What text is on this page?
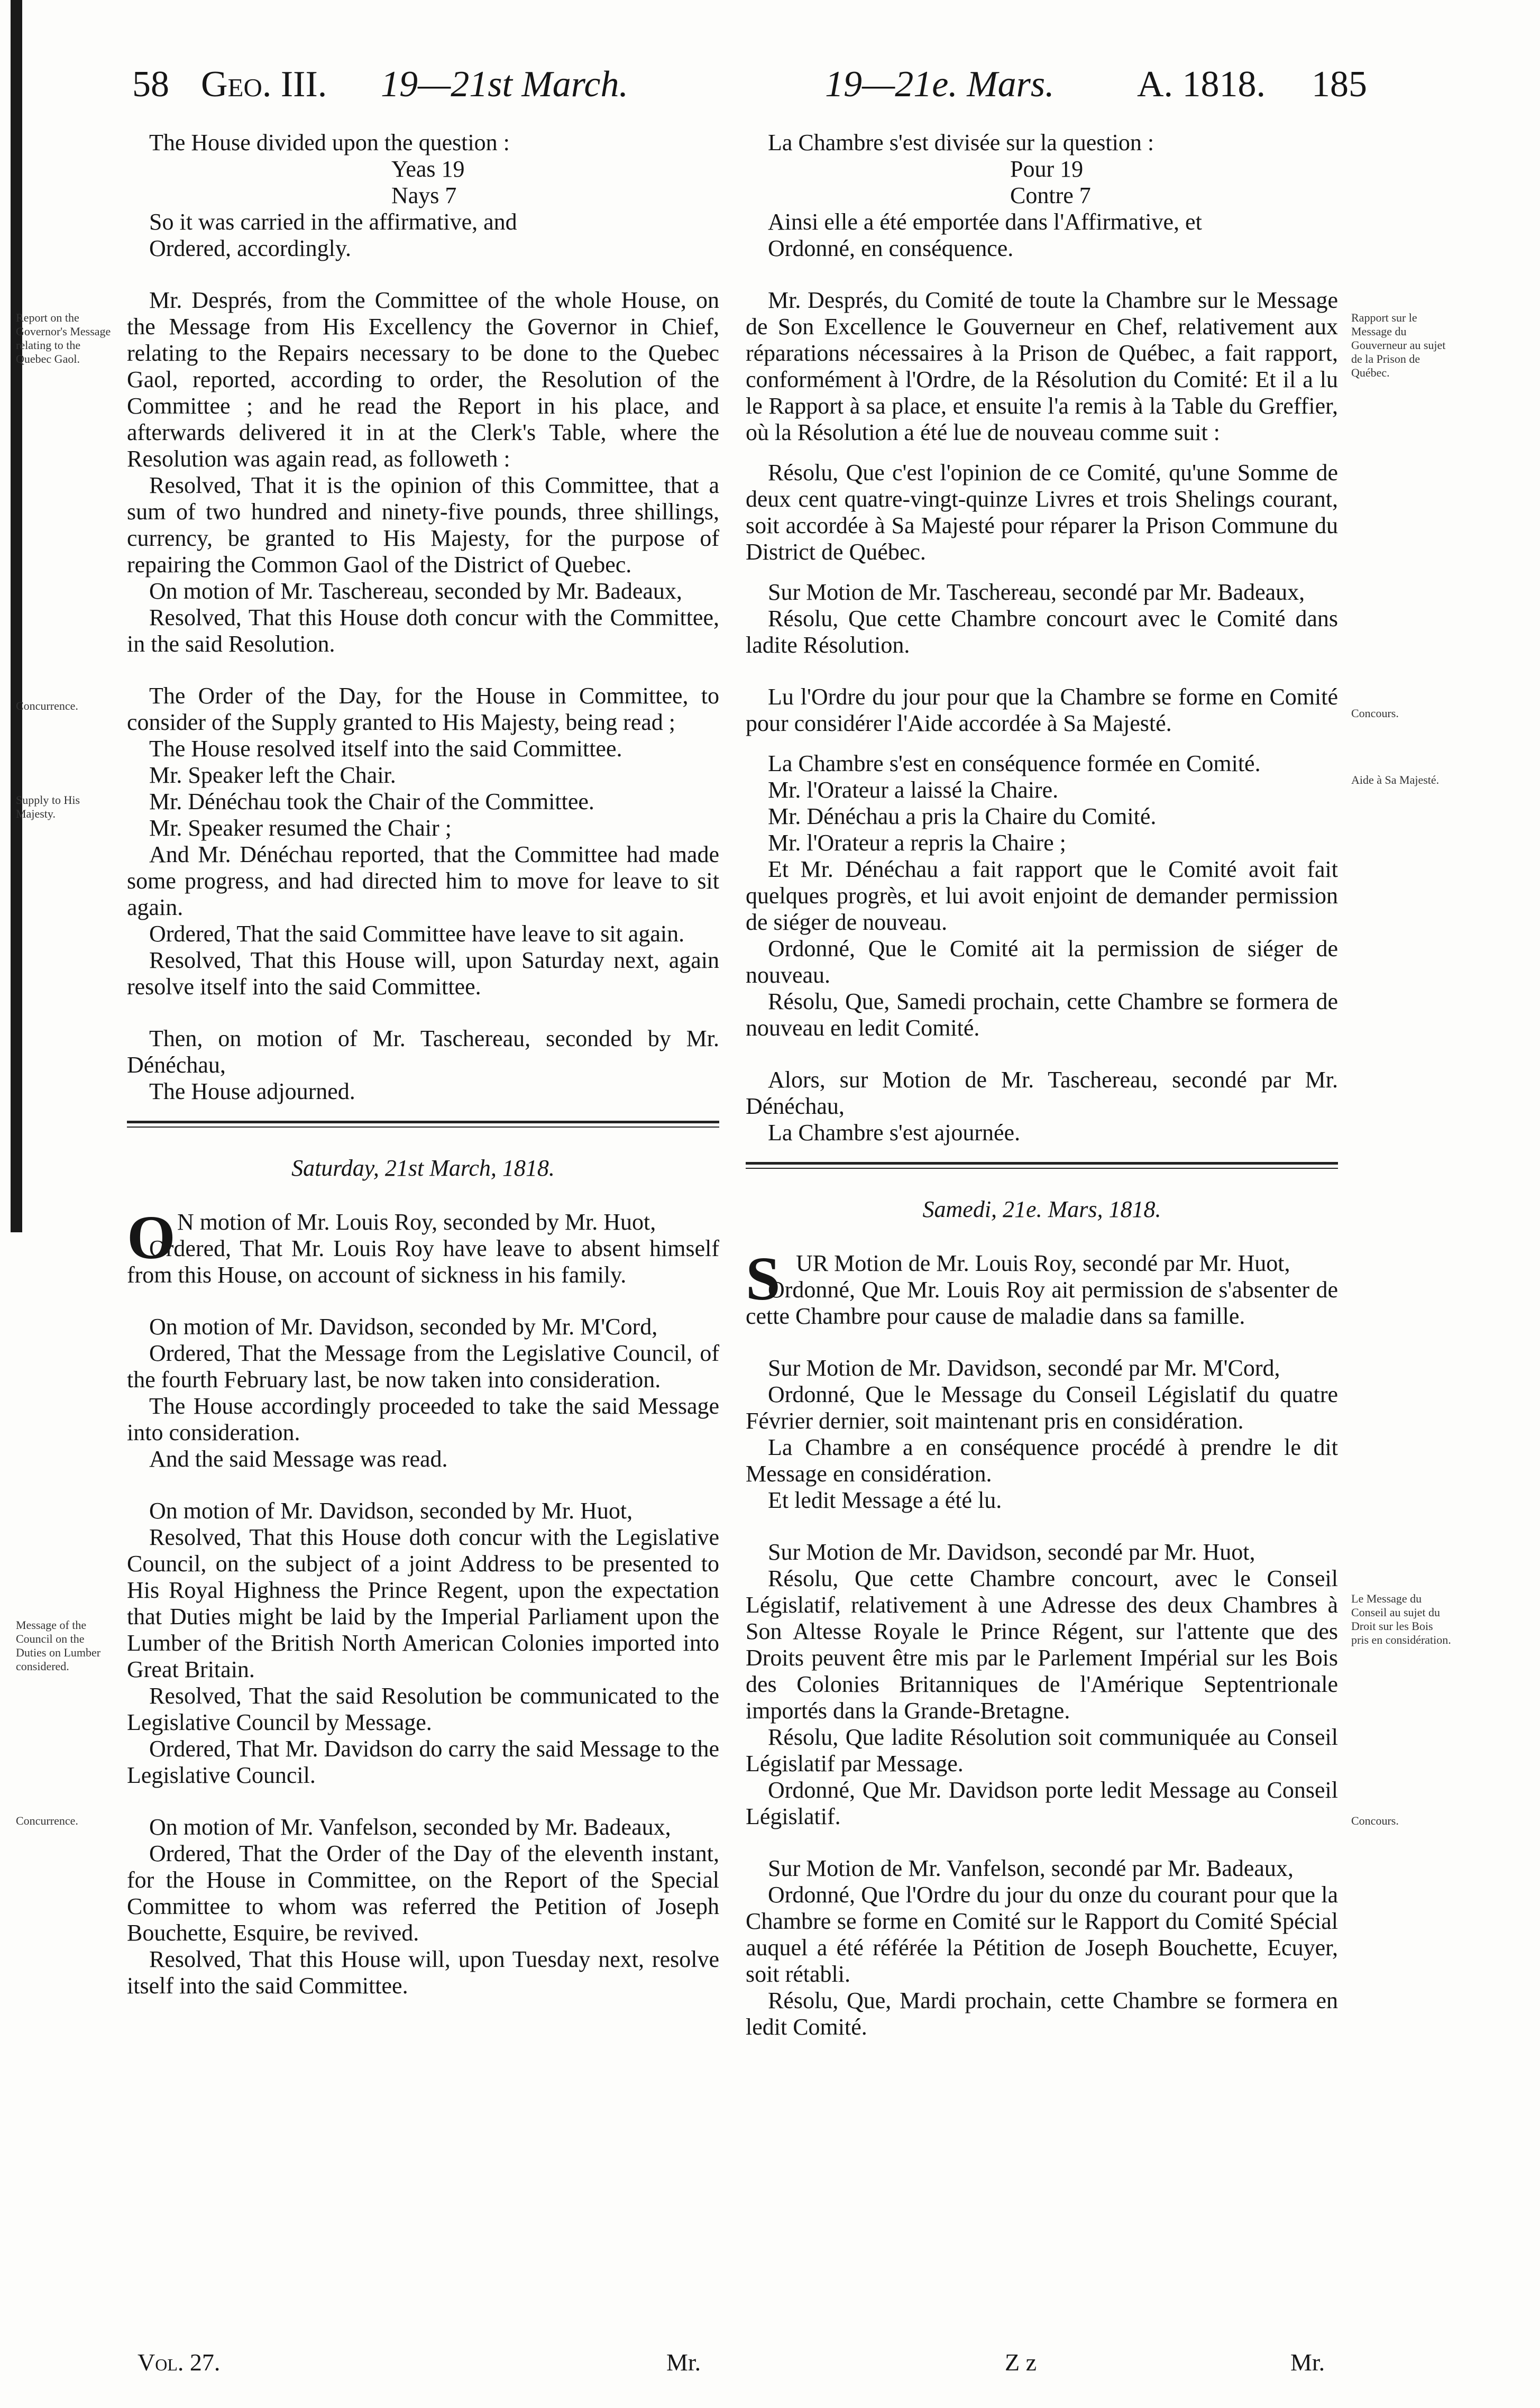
58 Geo. III. 19—21st March.	19—21e. Mars. A. 1818. 185
Report on the Governor's Message relating to the Quebec Gaol.
Concurrence.
Supply to His Majesty.
Message of the Council on the Duties on Lumber considered.
Concurrence.
Rapport sur le Message du Gouverneur au sujet de la Prison de Québec.
Concours.
Aide à Sa Majesté.
Le Message du Conseil au sujet du Droit sur les Bois pris en considération.
Concours.

The House divided upon the question :

Yeas 19

Nays 7

So it was carried in the affirmative, and

Ordered, accordingly.

Mr. Després, from the Committee of the whole House, on the Message from His Excellency the Governor in Chief, relating to the Repairs necessary to be done to the Quebec Gaol, reported, according to order, the Resolution of the Committee ; and he read the Report in his place, and afterwards delivered it in at the Clerk's Table, where the Resolution was again read, as followeth :

Resolved, That it is the opinion of this Committee, that a sum of two hundred and ninety-five pounds, three shillings, currency, be granted to His Majesty, for the purpose of repairing the Common Gaol of the District of Quebec.

On motion of Mr. Taschereau, seconded by Mr. Badeaux,

Resolved, That this House doth concur with the Committee, in the said Resolution.

The Order of the Day, for the House in Committee, to consider of the Supply granted to His Majesty, being read ;

The House resolved itself into the said Committee.

Mr. Speaker left the Chair.

Mr. Dénéchau took the Chair of the Committee.

Mr. Speaker resumed the Chair ;

And Mr. Dénéchau reported, that the Committee had made some progress, and had directed him to move for leave to sit again.

Ordered, That the said Committee have leave to sit again.

Resolved, That this House will, upon Saturday next, again resolve itself into the said Committee.

Then, on motion of Mr. Taschereau, seconded by Mr. Dénéchau,

The House adjourned.

Saturday, 21st March, 1818.
O N motion of Mr. Louis Roy, seconded by Mr. Huot,

Ordered, That Mr. Louis Roy have leave to absent himself from this House, on account of sickness in his family.

On motion of Mr. Davidson, seconded by Mr. M'Cord,

Ordered, That the Message from the Legislative Council, of the fourth February last, be now taken into consideration.

The House accordingly proceeded to take the said Message into consideration.

And the said Message was read.

On motion of Mr. Davidson, seconded by Mr. Huot,

Resolved, That this House doth concur with the Legislative Council, on the subject of a joint Address to be presented to His Royal Highness the Prince Regent, upon the expectation that Duties might be laid by the Imperial Parliament upon the Lumber of the British North American Colonies imported into Great Britain.

Resolved, That the said Resolution be communicated to the Legislative Council by Message.

Ordered, That Mr. Davidson do carry the said Message to the Legislative Council.

On motion of Mr. Vanfelson, seconded by Mr. Badeaux,

Ordered, That the Order of the Day of the eleventh instant, for the House in Committee, on the Report of the Special Committee to whom was referred the Petition of Joseph Bouchette, Esquire, be revived.

Resolved, That this House will, upon Tuesday next, resolve itself into the said Committee.

La Chambre s'est divisée sur la question :

Pour 19

Contre 7

Ainsi elle a été emportée dans l'Affirmative, et

Ordonné, en conséquence.

Mr. Després, du Comité de toute la Chambre sur le Message de Son Excellence le Gouverneur en Chef, relativement aux réparations nécessaires à la Prison de Québec, a fait rapport, conformément à l'Ordre, de la Résolution du Comité: Et il a lu le Rapport à sa place, et ensuite l'a remis à la Table du Greffier, où la Résolution a été lue de nouveau comme suit :

Résolu, Que c'est l'opinion de ce Comité, qu'une Somme de deux cent quatre-vingt-quinze Livres et trois Shelings courant, soit accordée à Sa Majesté pour réparer la Prison Commune du District de Québec.

Sur Motion de Mr. Taschereau, secondé par Mr. Badeaux,

Résolu, Que cette Chambre concourt avec le Comité dans ladite Résolution.

Lu l'Ordre du jour pour que la Chambre se forme en Comité pour considérer l'Aide accordée à Sa Majesté.

La Chambre s'est en conséquence formée en Comité.

Mr. l'Orateur a laissé la Chaire.

Mr. Dénéchau a pris la Chaire du Comité.

Mr. l'Orateur a repris la Chaire ;

Et Mr. Dénéchau a fait rapport que le Comité avoit fait quelques progrès, et lui avoit enjoint de demander permission de siéger de nouveau.

Ordonné, Que le Comité ait la permission de siéger de nouveau.

Résolu, Que, Samedi prochain, cette Chambre se formera de nouveau en ledit Comité.

Alors, sur Motion de Mr. Taschereau, secondé par Mr. Dénéchau,

La Chambre s'est ajournée.

Samedi, 21e. Mars, 1818.
S UR Motion de Mr. Louis Roy, secondé par Mr. Huot,

Ordonné, Que Mr. Louis Roy ait permission de s'absenter de cette Chambre pour cause de maladie dans sa famille.

Sur Motion de Mr. Davidson, secondé par Mr. M'Cord,

Ordonné, Que le Message du Conseil Législatif du quatre Février dernier, soit maintenant pris en considération.

La Chambre a en conséquence procédé à prendre le dit Message en considération.

Et ledit Message a été lu.

Sur Motion de Mr. Davidson, secondé par Mr. Huot,

Résolu, Que cette Chambre concourt, avec le Conseil Législatif, relativement à une Adresse des deux Chambres à Son Altesse Royale le Prince Régent, sur l'attente que des Droits peuvent être mis par le Parlement Impérial sur les Bois des Colonies Britanniques de l'Amérique Septentrionale importés dans la Grande-Bretagne.

Résolu, Que ladite Résolution soit communiquée au Conseil Législatif par Message.

Ordonné, Que Mr. Davidson porte ledit Message au Conseil Législatif.

Sur Motion de Mr. Vanfelson, secondé par Mr. Badeaux,

Ordonné, Que l'Ordre du jour du onze du courant pour que la Chambre se forme en Comité sur le Rapport du Comité Spécial auquel a été référée la Pétition de Joseph Bouchette, Ecuyer, soit rétabli.

Résolu, Que, Mardi prochain, cette Chambre se formera en ledit Comité.

Vol. 27.	Mr.	Z z	Mr.
